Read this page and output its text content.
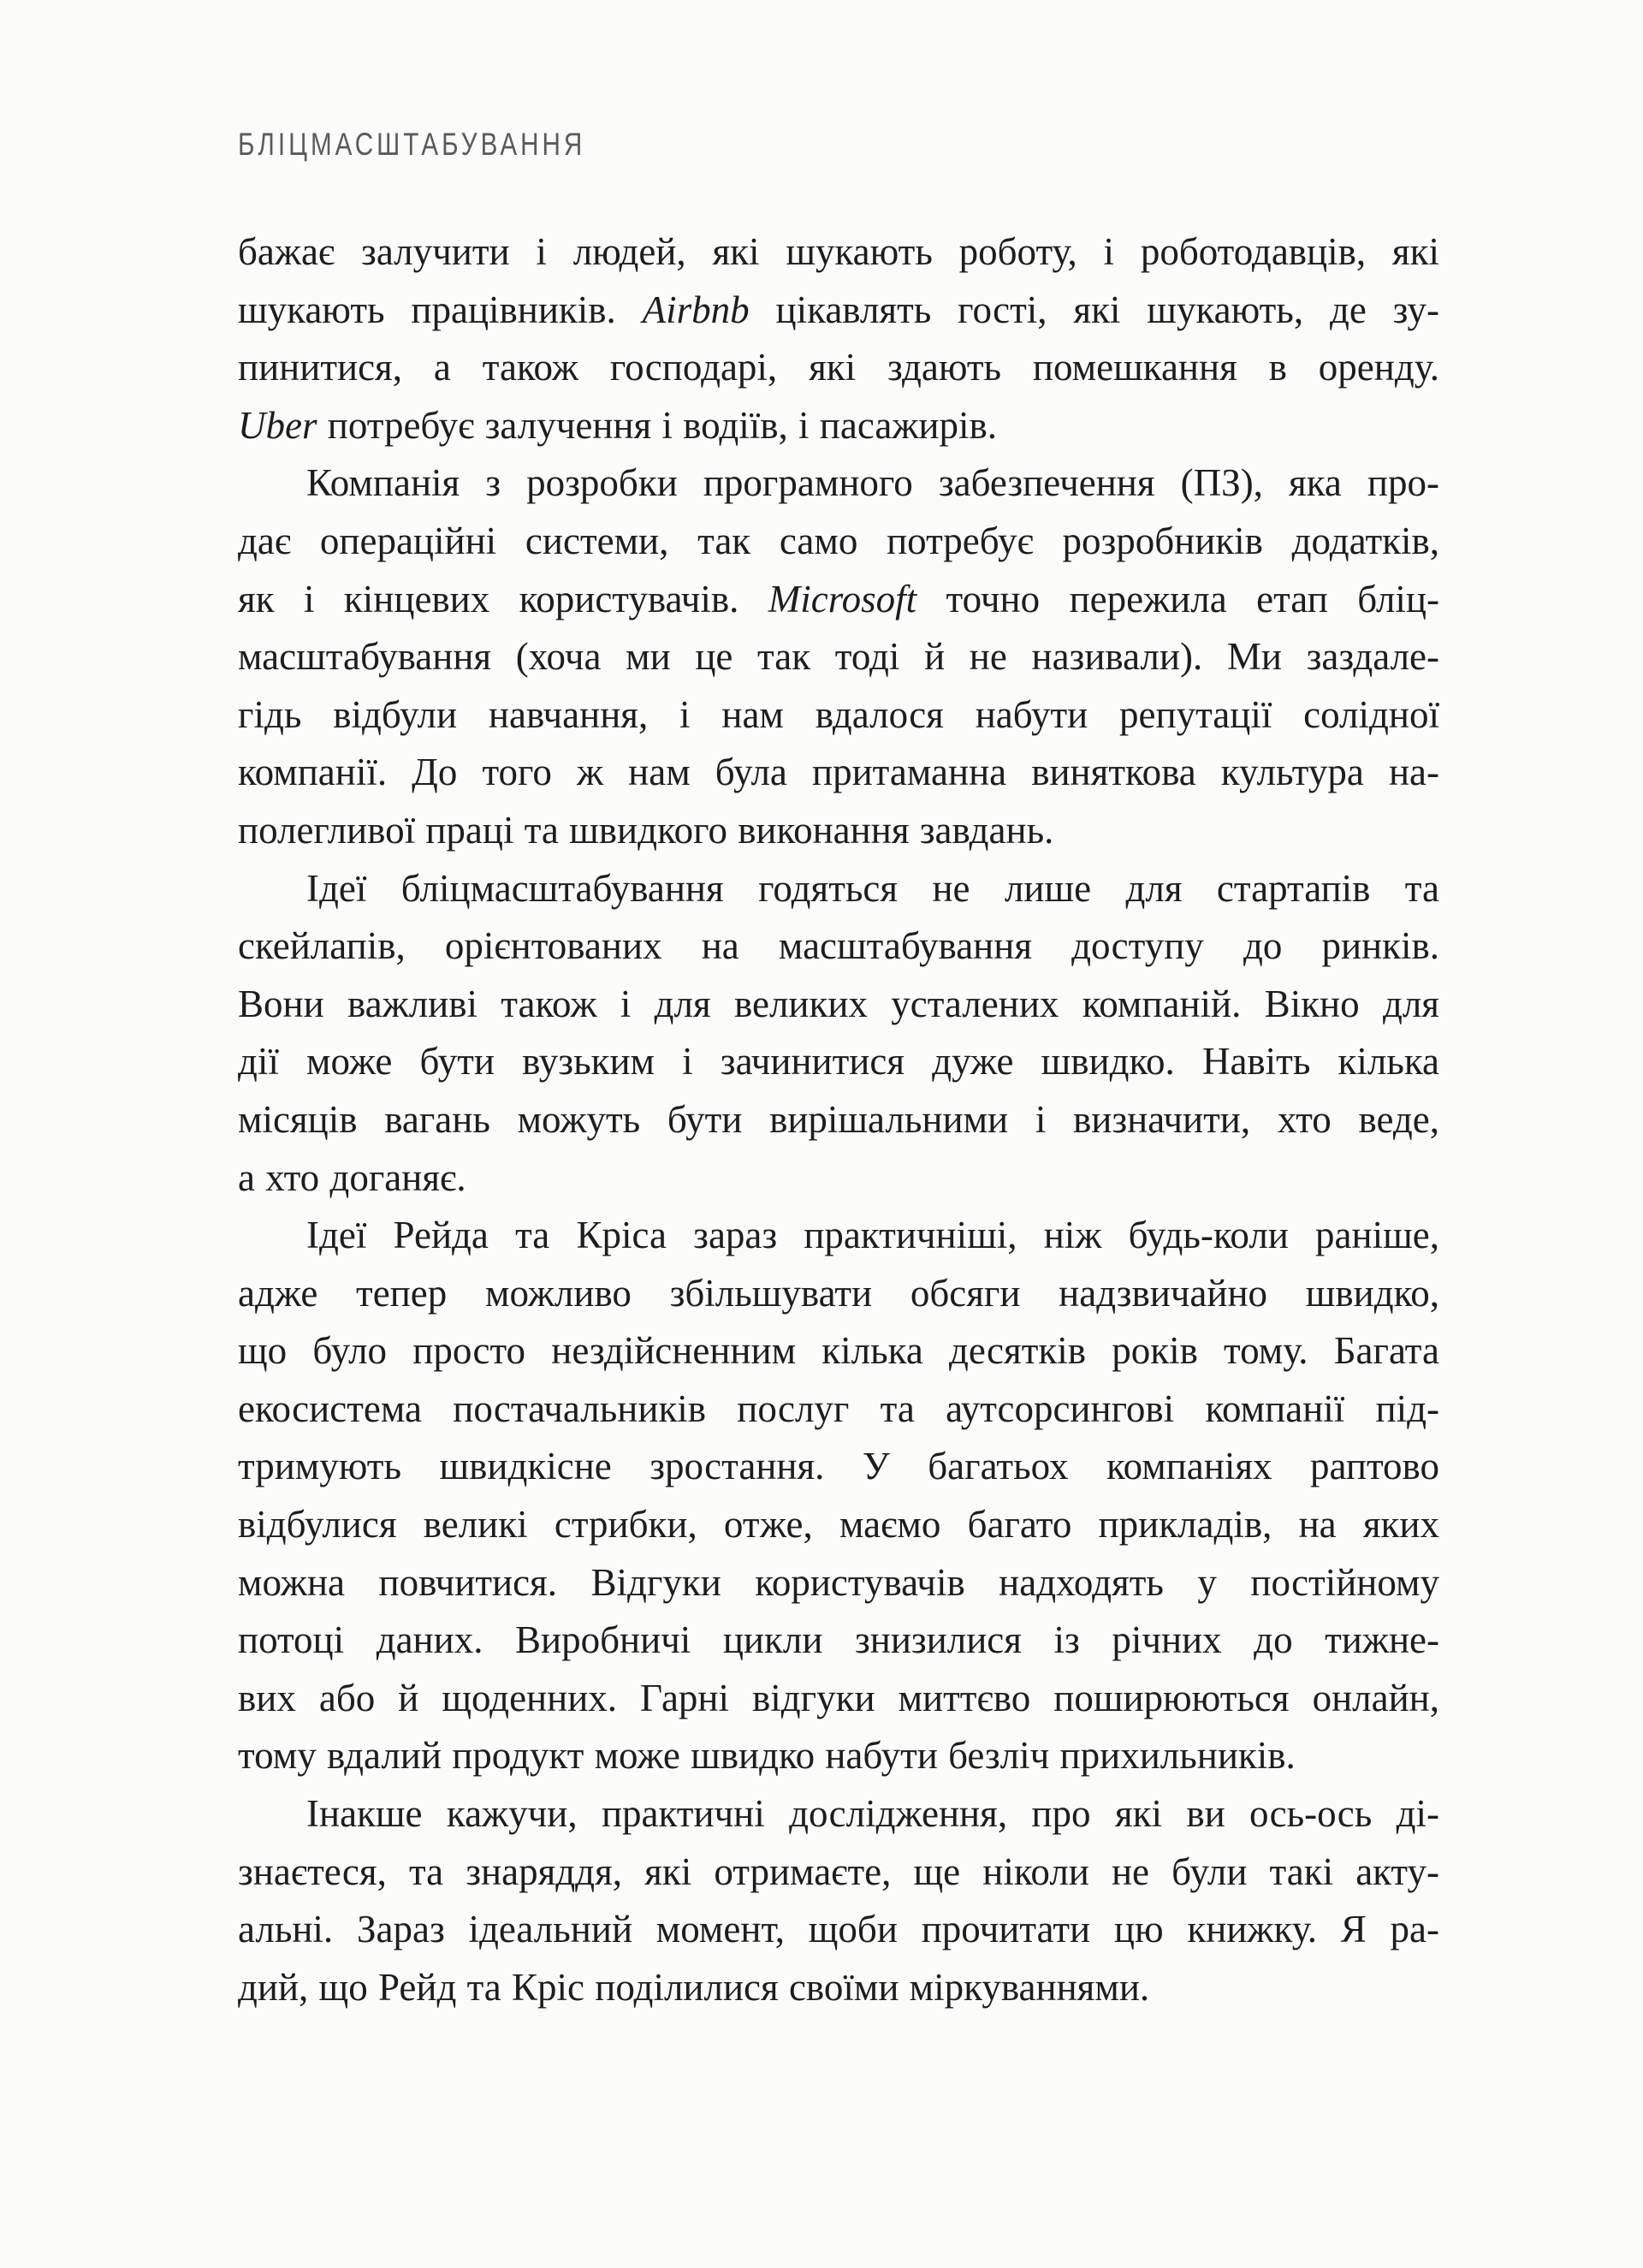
БЛІЦМАСШТАБУВАННЯ
бажає залучити і людей, які шукають роботу, і роботодавців, які
шукають працівників. Airbnb цікавлять гості, які шукають, де зу-
пинитися, а також господарі, які здають помешкання в оренду.
Uber потребує залучення і водіїв, і пасажирів.
Компанія з розробки програмного забезпечення (ПЗ), яка про-
дає операційні системи, так само потребує розробників додатків,
як і кінцевих користувачів. Microsoft точно пережила етап бліц-
масштабування (хоча ми це так тоді й не називали). Ми заздале-
гідь відбули навчання, і нам вдалося набути репутації солідної
компанії. До того ж нам була притаманна виняткова культура на-
полегливої праці та швидкого виконання завдань.
Ідеї бліцмасштабування годяться не лише для стартапів та
скейлапів, орієнтованих на масштабування доступу до ринків.
Вони важливі також і для великих усталених компаній. Вікно для
дії може бути вузьким і зачинитися дуже швидко. Навіть кілька
місяців вагань можуть бути вирішальними і визначити, хто веде,
а хто доганяє.
Ідеї Рейда та Кріса зараз практичніші, ніж будь-коли раніше,
адже тепер можливо збільшувати обсяги надзвичайно швидко,
що було просто нездійсненним кілька десятків років тому. Багата
екосистема постачальників послуг та аутсорсингові компанії під-
тримують швидкісне зростання. У багатьох компаніях раптово
відбулися великі стрибки, отже, маємо багато прикладів, на яких
можна повчитися. Відгуки користувачів надходять у постійному
потоці даних. Виробничі цикли знизилися із річних до тижне-
вих або й щоденних. Гарні відгуки миттєво поширюються онлайн,
тому вдалий продукт може швидко набути безліч прихильників.
Інакше кажучи, практичні дослідження, про які ви ось-ось ді-
знаєтеся, та знаряддя, які отримаєте, ще ніколи не були такі акту-
альні. Зараз ідеальний момент, щоби прочитати цю книжку. Я ра-
дий, що Рейд та Кріс поділилися своїми міркуваннями.
